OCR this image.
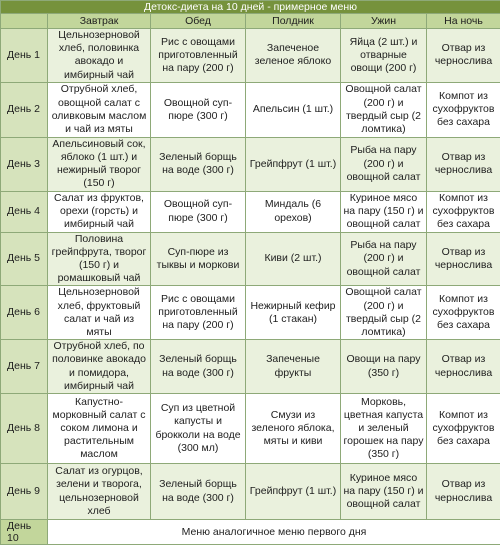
Детокс-диета на 10 дней - примерное меню					
	Завтрак	Обед	Полдник	Ужин	На ночь
День 1	Цельнозерновой хлеб, половинка авокадо и имбирный чай	Рис с овощами приготовленный на пару (200 г)	Запеченое зеленое яблоко	Яйца (2 шт.) и отварные овощи (200 г)	Отвар из чернослива
День 2	Отрубной хлеб, овощной салат с оливковым маслом и чай из мяты	Овощной суп-пюре (300 г)	Апельсин (1 шт.)	Овощной салат (200 г) и твердый сыр (2 ломтика)	Компот из сухофруктов без сахара
День 3	Апельсиновый сок, яблоко (1 шт.) и нежирный творог (150 г)	Зеленый борщь на воде (300 г)	Грейпфрут (1 шт.)	Рыба на пару (200 г) и овощной салат	Отвар из чернослива
День 4	Салат из фруктов, орехи (горсть) и имбирный чай	Овощной суп-пюре (300 г)	Миндаль (6 орехов)	Куриное мясо на пару (150 г) и овощной салат	Компот из сухофруктов без сахара
День 5	Половина грейпфрута, творог (150 г) и ромашковый чай	Суп-пюре из тыквы и моркови	Киви (2 шт.)	Рыба на пару (200 г) и овощной салат	Отвар из чернослива
День 6	Цельнозерновой хлеб, фруктовый салат и чай из мяты	Рис с овощами приготовленный на пару (200 г)	Нежирный кефир (1 стакан)	Овощной салат (200 г) и твердый сыр (2 ломтика)	Компот из сухофруктов без сахара
День 7	Отрубной хлеб, по половинке авокадо и помидора, имбирный чай	Зеленый борщь на воде (300 г)	Запеченые фрукты	Овощи на пару (350 г)	Отвар из чернослива
День 8	Капустно-морковный салат с соком лимона и растительным маслом	Суп из цветной капусты и брокколи на воде (300 мл)	Смузи из зеленого яблока, мяты и киви	Морковь, цветная капуста и зеленый горошек на пару (350 г)	Компот из сухофруктов без сахара
День 9	Салат из огурцов, зелени и творога, цельнозерновой хлеб	Зеленый борщь на воде (300 г)	Грейпфрут (1 шт.)	Куриное мясо на пару (150 г) и овощной салат	Отвар из чернослива
День 10	Меню аналогичное меню первого дня				
